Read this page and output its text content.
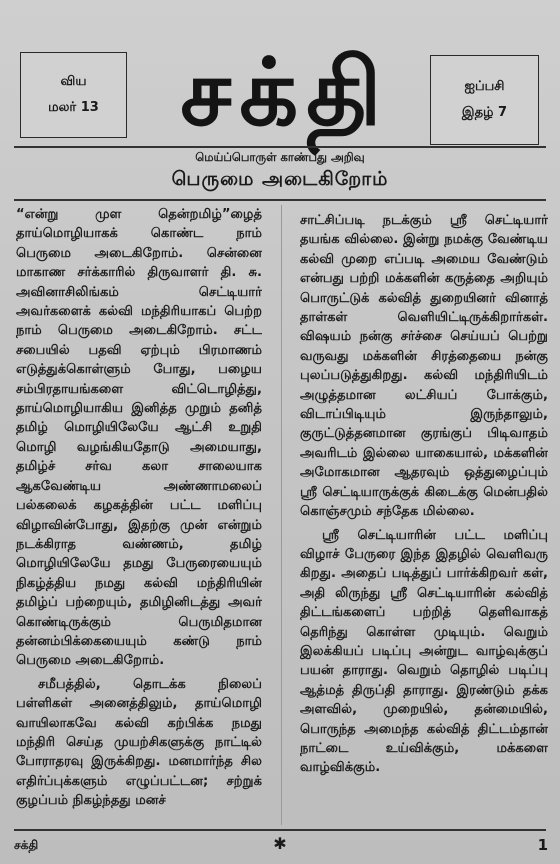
விய
மலர் 13 சக்தி	ஐப்பசி
இதழ் 7
மெய்ப்பொருள் காண்பது அறிவு
பெருமை அடைகிறோம்

“என்று முள தென்றமிழ்”ழைத் தாய்மொழியாகக் கொண்ட நாம் பெருமை அடைகிறோம். சென்னை மாகாண சர்க்காரில் திருவாளர் தி. சு. அவினாசிலிங்கம் செட்டியார் அவர்களைக் கல்வி மந்திரியாகப் பெற்ற நாம் பெருமை அடைகிறோம். சட்ட சபையில் பதவி ஏற்பும் பிரமாணம் எடுத்துக்கொள்ளும் போது, பழைய சம்பிரதாயங்களை விட்டொழித்து, தாய்மொழியாகிய இனித்த முறும் தனித் தமிழ் மொழியிலேயே ஆட்சி உறுதி மொழி வழங்கியதோடு அமையாது, தமிழ்ச் சர்வ கலா சாலையாக ஆகவேண்டிய அண்ணாமலைப் பல்கலைக் கழகத்தின் பட்ட மளிப்பு விழாவின்போது, இதற்கு முன் என்றும் நடக்கிராத வண்ணம், தமிழ் மொழியிலேயே தமது பேருரையையும் நிகழ்த்திய நமது கல்வி மந்திரியின் தமிழ்ப் பற்றையும், தமிழினிடத்து அவர் கொண்டிருக்கும் பெருமிதமான தன்னம்பிக்கையையும் கண்டு நாம் பெருமை அடைகிறோம்.

சமீபத்தில், தொடக்க நிலைப் பள்ளிகள் அனைத்திலும், தாய்மொழி வாயிலாகவே கல்வி கற்பிக்க நமது மந்திரி செய்த முயற்சிகளுக்கு நாட்டில் போராதரவு இருக்கிறது. மனமார்ந்த சில எதிர்ப்புக்களும் எழுப்பட்டன; சற்றுக் குழப்பம் நிகழ்ந்தது மனச்

சாட்சிப்படி நடக்கும் ஸ்ரீ செட்டியார் தயங்க வில்லை. இன்று நமக்கு வேண்டிய கல்வி முறை எப்படி அமைய வேண்டும் என்பது பற்றி மக்களின் கருத்தை அறியும் பொருட்டுக் கல்வித் துறையினர் வினாத் தாள்கள் வெளியிட்டிருக்கிறார்கள். விஷயம் நன்கு சர்ச்சை செய்யப் பெற்று வருவது மக்களின் சிரத்தையை நன்கு புலப்படுத்துகிறது. கல்வி மந்திரியிடம் அழுத்தமான லட்சியப் போக்கும், விடாப்பிடியும் இருந்தாலும், குருட்டுத்தனமான குரங்குப் பிடிவாதம் அவரிடம் இல்லை யாகையால், மக்களின் அமோகமான ஆதரவும் ஒத்துழைப்பும் ஸ்ரீ செட்டியாருக்குக் கிடைக்கு மென்பதில் கொஞ்சமும் சந்தேக மில்லை.

ஸ்ரீ செட்டியாரின் பட்ட மளிப்பு விழாச் பேருரை இந்த இதழில் வெளிவரு கிறது. அதைப் படித்துப் பார்க்கிறவர் கள், அதி லிருந்து ஸ்ரீ செட்டியாரின் கல்வித் திட்டங்களைப் பற்றித் தெளிவாகத் தெரிந்து கொள்ள முடியும். வெறும் இலக்கியப் படிப்பு அன்றுட வாழ்வுக்குப் பயன் தாராது. வெறும் தொழில் படிப்பு ஆத்மத் திருப்தி தாராது. இரண்டும் தக்க அளவில், முறையில், தன்மையில், பொருந்த அமைந்த கல்வித் திட்டம்தான் நாட்டை உய்விக்கும், மக்களை வாழ்விக்கும்.

சக்தி	✱	1
